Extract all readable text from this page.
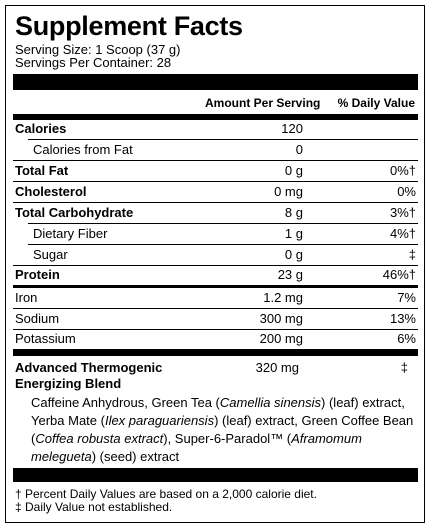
Supplement Facts
Serving Size: 1 Scoop (37 g)
Servings Per Container: 28
Amount Per Serving % Daily Value
Calories	120
Calories from Fat	0
Total Fat	0 g	0%†
Cholesterol	0 mg	0%
Total Carbohydrate	8 g	3%†
Dietary Fiber	1 g	4%†
Sugar	0 g	‡
Protein	23 g	46%†
Iron	1.2 mg	7%
Sodium	300 mg	13%
Potassium	200 mg	6%
Advanced Thermogenic
Energizing Blend
320 mg	‡
Caffeine Anhydrous, Green Tea (Camellia sinensis) (leaf) extract, Yerba Mate (Ilex paraguariensis) (leaf) extract, Green Coffee Bean (Coffea robusta extract), Super-6-Paradol™ (Aframomum melegueta) (seed) extract
† Percent Daily Values are based on a 2,000 calorie diet.
‡ Daily Value not established.
